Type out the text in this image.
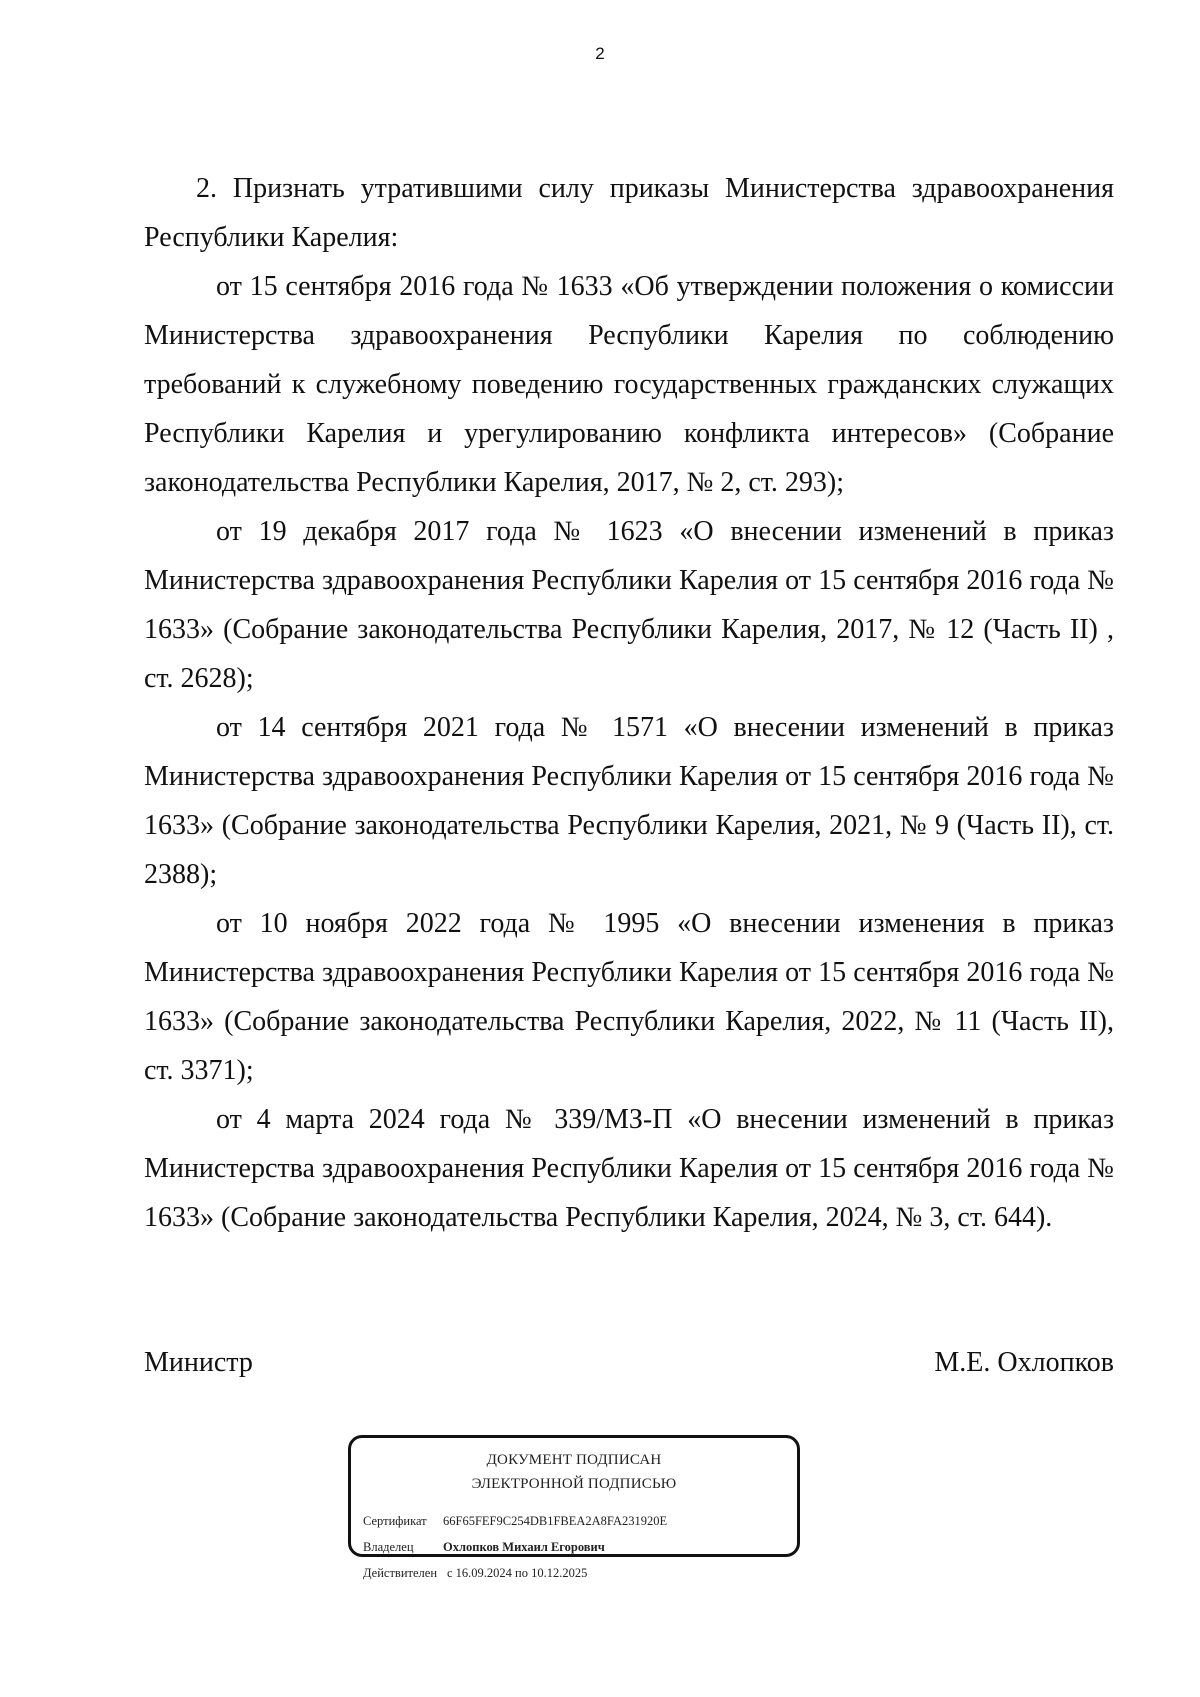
2

2. Признать утратившими силу приказы Министерства здравоохранения Республики Карелия:

от 15 сентября 2016 года № 1633 «Об утверждении положения о комиссии Министерства здравоохранения Республики Карелия по соблюдению требований к служебному поведению государственных гражданских служащих Республики Карелия и урегулированию конфликта интересов» (Собрание законодательства Республики Карелия, 2017, № 2, ст. 293);

от 19 декабря 2017 года № 1623 «О внесении изменений в приказ Министерства здравоохранения Республики Карелия от 15 сентября 2016 года № 1633» (Собрание законодательства Республики Карелия, 2017, № 12 (Часть II) , ст. 2628);

от 14 сентября 2021 года № 1571 «О внесении изменений в приказ Министерства здравоохранения Республики Карелия от 15 сентября 2016 года № 1633» (Собрание законодательства Республики Карелия, 2021, № 9 (Часть II), ст. 2388);

от 10 ноября 2022 года № 1995 «О внесении изменения в приказ Министерства здравоохранения Республики Карелия от 15 сентября 2016 года № 1633» (Собрание законодательства Республики Карелия, 2022, № 11 (Часть II), ст. 3371);

от 4 марта 2024 года № 339/МЗ-П «О внесении изменений в приказ Министерства здравоохранения Республики Карелия от 15 сентября 2016 года № 1633» (Собрание законодательства Республики Карелия, 2024, № 3, ст. 644).

Министр	М.Е. Охлопков
ДОКУМЕНТ ПОДПИСАН
ЭЛЕКТРОННОЙ ПОДПИСЬЮ
Сертификат 66F65FEF9C254DB1FBEA2A8FA231920E
Владелец Охлопков Михаил Егорович
Действителен с 16.09.2024 по 10.12.2025
